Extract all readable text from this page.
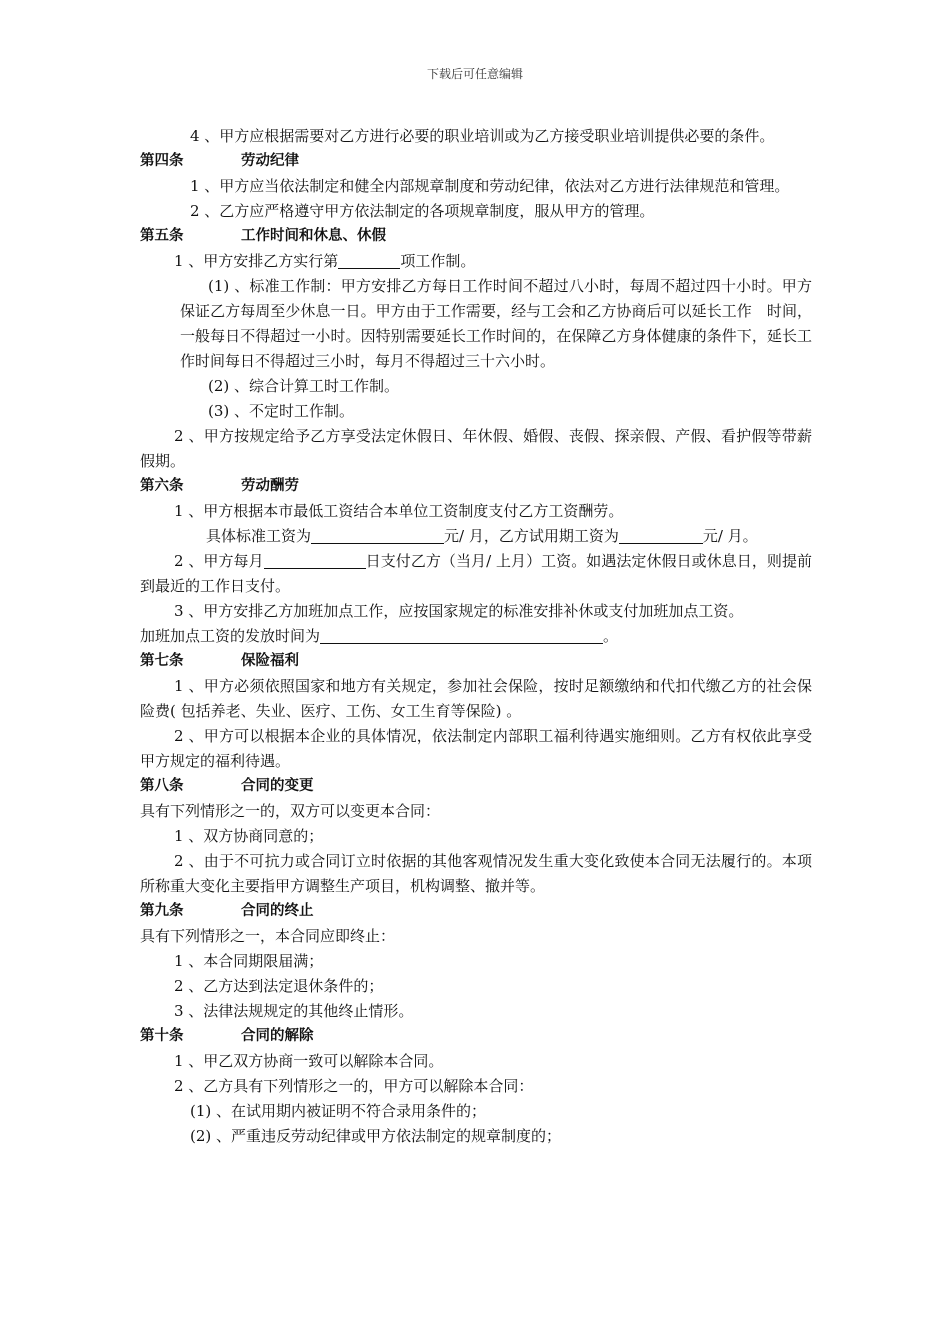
下载后可任意编辑

4 、甲方应根据需要对乙方进行必要的职业培训或为乙方接受职业培训提供必要的条件。

第四条	劳动纪律

1 、甲方应当依法制定和健全内部规章制度和劳动纪律，依法对乙方进行法律规范和管理。

2 、乙方应严格遵守甲方依法制定的各项规章制度，服从甲方的管理。

第五条	工作时间和休息、休假

1 、甲方安排乙方实行第	项工作制。

(1) 、标准工作制：甲方安排乙方每日工作时间不超过八小时，每周不超过四十小时。甲方保证乙方每周至少休息一日。甲方由于工作需要，经与工会和乙方协商后可以延长工作　时间，一般每日不得超过一小时。因特别需要延长工作时间的，在保障乙方身体健康的条件下，延长工作时间每日不得超过三小时，每月不得超过三十六小时。

(2) 、综合计算工时工作制。

(3) 、不定时工作制。

2 、甲方按规定给予乙方享受法定休假日、年休假、婚假、丧假、探亲假、产假、看护假等带薪假期。

第六条	劳动酬劳

1 、甲方根据本市最低工资结合本单位工资制度支付乙方工资酬劳。

具体标准工资为	元/ 月，乙方试用期工资为	元/ 月。

2 、甲方每月	日支付乙方（当月/ 上月）工资。如遇法定休假日或休息日，则提前到最近的工作日支付。

3 、甲方安排乙方加班加点工作，应按国家规定的标准安排补休或支付加班加点工资。

加班加点工资的发放时间为	。

第七条	保险福利

1 、甲方必须依照国家和地方有关规定，参加社会保险，按时足额缴纳和代扣代缴乙方的社会保险费( 包括养老、失业、医疗、工伤、女工生育等保险) 。

2 、甲方可以根据本企业的具体情况，依法制定内部职工福利待遇实施细则。乙方有权依此享受甲方规定的福利待遇。

第八条	合同的变更

具有下列情形之一的，双方可以变更本合同：

1 、双方协商同意的；

2 、由于不可抗力或合同订立时依据的其他客观情况发生重大变化致使本合同无法履行的。本项所称重大变化主要指甲方调整生产项目，机构调整、撤并等。

第九条	合同的终止

具有下列情形之一，本合同应即终止：

1 、本合同期限届满；

2 、乙方达到法定退休条件的；

3 、法律法规规定的其他终止情形。

第十条	合同的解除

1 、甲乙双方协商一致可以解除本合同。

2 、乙方具有下列情形之一的，甲方可以解除本合同：

(1) 、在试用期内被证明不符合录用条件的；

(2) 、严重违反劳动纪律或甲方依法制定的规章制度的；
